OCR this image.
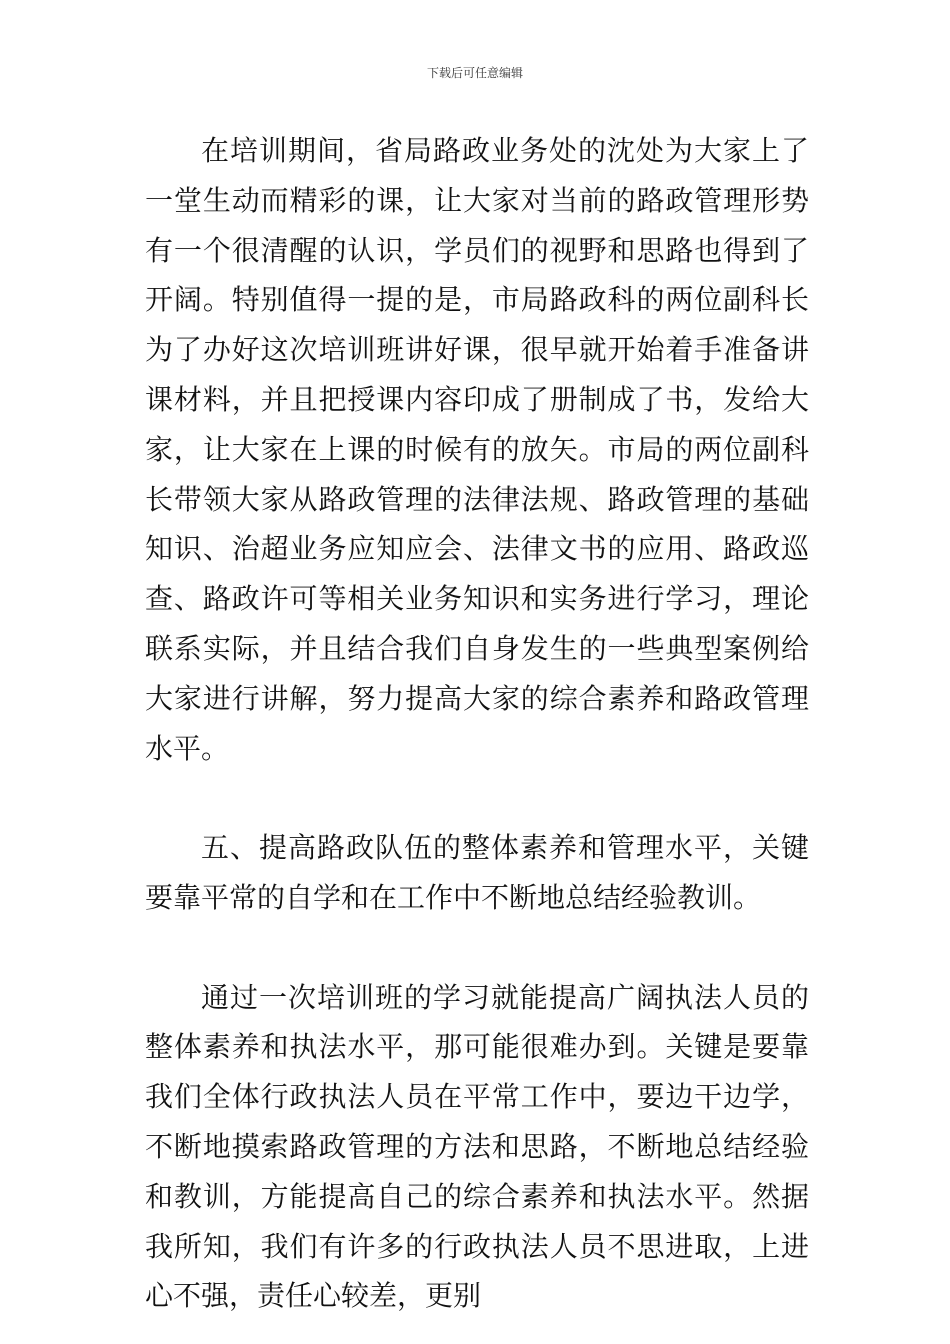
下载后可任意编辑

在培训期间，省局路政业务处的沈处为大家上了一堂生动而精彩的课，让大家对当前的路政管理形势有一个很清醒的认识，学员们的视野和思路也得到了开阔。特别值得一提的是，市局路政科的两位副科长为了办好这次培训班讲好课，很早就开始着手准备讲课材料，并且把授课内容印成了册制成了书，发给大家，让大家在上课的时候有的放矢。市局的两位副科长带领大家从路政管理的法律法规、路政管理的基础知识、治超业务应知应会、法律文书的应用、路政巡查、路政许可等相关业务知识和实务进行学习，理论联系实际，并且结合我们自身发生的一些典型案例给大家进行讲解，努力提高大家的综合素养和路政管理水平。

五、提高路政队伍的整体素养和管理水平，关键要靠平常的自学和在工作中不断地总结经验教训。

通过一次培训班的学习就能提高广阔执法人员的整体素养和执法水平，那可能很难办到。关键是要靠我们全体行政执法人员在平常工作中，要边干边学，不断地摸索路政管理的方法和思路，不断地总结经验和教训，方能提高自己的综合素养和执法水平。然据我所知，我们有许多的行政执法人员不思进取，上进心不强，责任心较差，更别
